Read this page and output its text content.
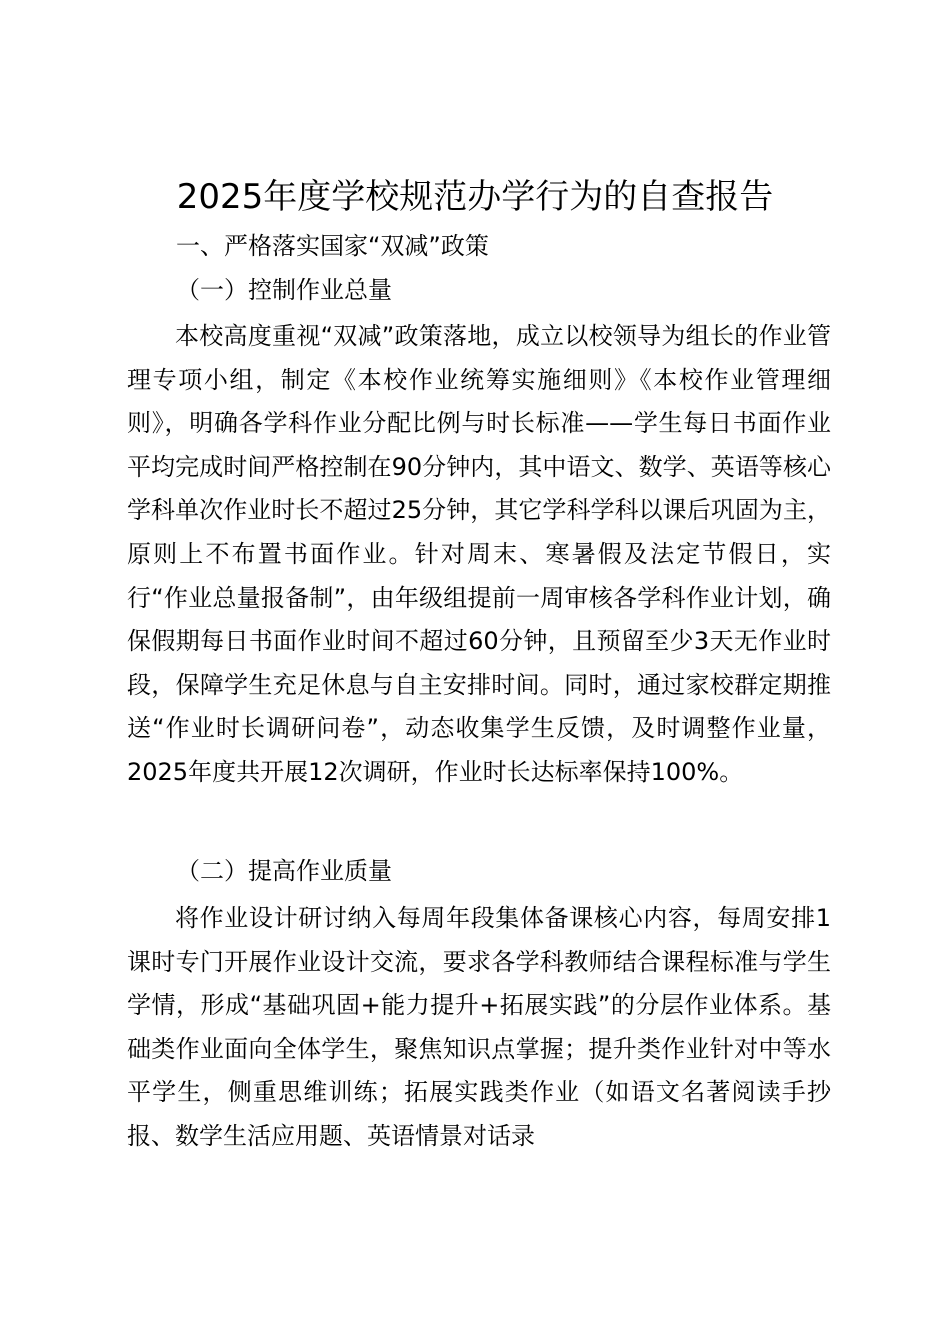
2025年度学校规范办学行为的自查报告
一、严格落实国家“双减”政策
（一）控制作业总量

本校高度重视“双减”政策落地，成立以校领导为组长的作业管理专项小组，制定《本校作业统筹实施细则》《本校作业管理细则》，明确各学科作业分配比例与时长标准——学生每日书面作业平均完成时间严格控制在90分钟内，其中语文、数学、英语等核心学科单次作业时长不超过25分钟，其它学科学科以课后巩固为主，原则上不布置书面作业。针对周末、寒暑假及法定节假日，实行“作业总量报备制”，由年级组提前一周审核各学科作业计划，确保假期每日书面作业时间不超过60分钟，且预留至少3天无作业时段，保障学生充足休息与自主安排时间。同时，通过家校群定期推送“作业时长调研问卷”，动态收集学生反馈，及时调整作业量，2025年度共开展12次调研，作业时长达标率保持100%。

（二）提高作业质量

将作业设计研讨纳入每周年段集体备课核心内容，每周安排1课时专门开展作业设计交流，要求各学科教师结合课程标准与学生学情，形成“基础巩固+能力提升+拓展实践”的分层作业体系。基础类作业面向全体学生，聚焦知识点掌握；提升类作业针对中等水平学生，侧重思维训练；拓展实践类作业（如语文名著阅读手抄报、数学生活应用题、英语情景对话录
